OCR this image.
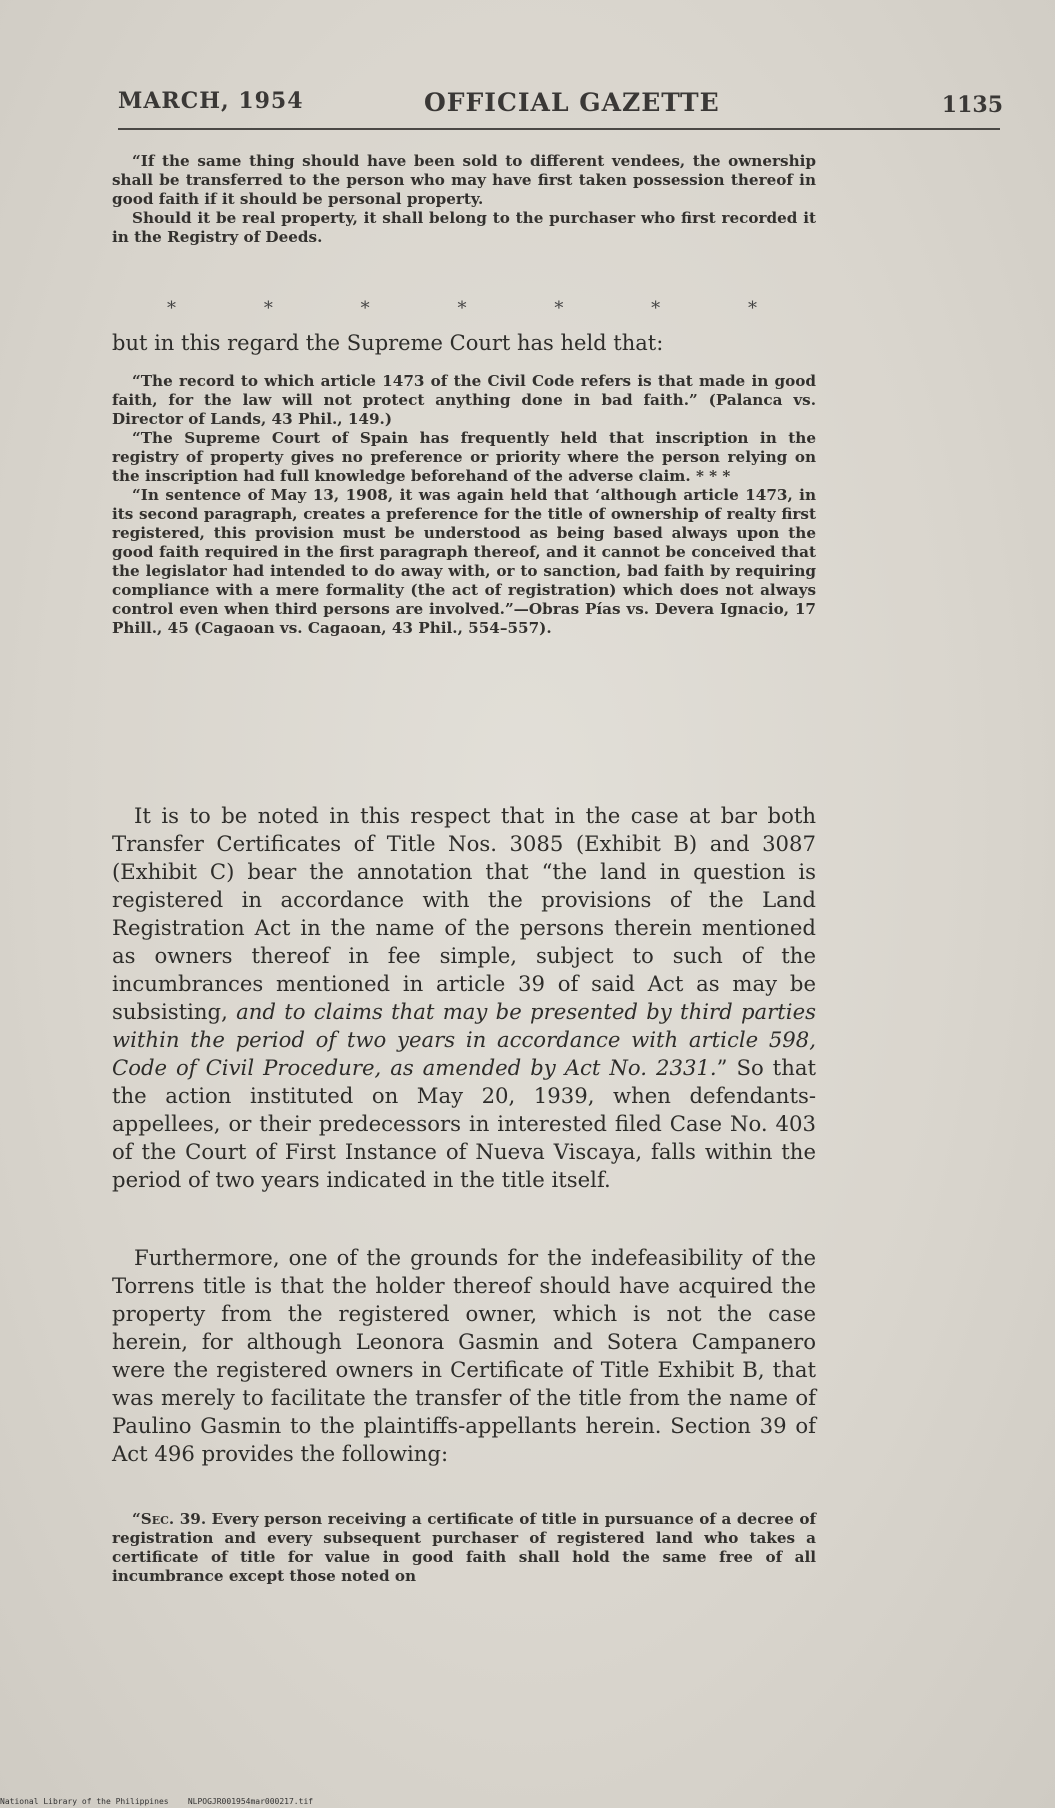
MARCH, 1954	OFFICIAL GAZETTE	1135

“If the same thing should have been sold to different vendees, the ownership shall be transferred to the person who may have first taken possession thereof in good faith if it should be personal property.

Should it be real property, it shall belong to the purchaser who first recorded it in the Registry of Deeds.

*	*	*	*	*	*	*
but in this regard the Supreme Court has held that:

“The record to which article 1473 of the Civil Code refers is that made in good faith, for the law will not protect anything done in bad faith.” (Palanca vs. Director of Lands, 43 Phil., 149.)

“The Supreme Court of Spain has frequently held that inscription in the registry of property gives no preference or priority where the person relying on the inscription had full knowledge beforehand of the adverse claim. * * *

“In sentence of May 13, 1908, it was again held that ‘although article 1473, in its second paragraph, creates a preference for the title of ownership of realty first registered, this provision must be understood as being based always upon the good faith required in the first paragraph thereof, and it cannot be conceived that the legislator had intended to do away with, or to sanction, bad faith by requiring compliance with a mere formality (the act of registration) which does not always control even when third persons are involved.”—Obras Pías vs. Devera Ignacio, 17 Phill., 45 (Cagaoan vs. Cagaoan, 43 Phil., 554–557).

It is to be noted in this respect that in the case at bar both Transfer Certificates of Title Nos. 3085 (Exhibit B) and 3087 (Exhibit C) bear the annotation that “the land in question is registered in accordance with the provisions of the Land Registration Act in the name of the persons therein mentioned as owners thereof in fee simple, subject to such of the incumbrances mentioned in article 39 of said Act as may be subsisting, and to claims that may be presented by third parties within the period of two years in accordance with article 598, Code of Civil Procedure, as amended by Act No. 2331.” So that the action instituted on May 20, 1939, when defendants-appellees, or their predecessors in interested filed Case No. 403 of the Court of First Instance of Nueva Viscaya, falls within the period of two years indicated in the title itself.

Furthermore, one of the grounds for the indefeasibility of the Torrens title is that the holder thereof should have acquired the property from the registered owner, which is not the case herein, for although Leonora Gasmin and Sotera Campanero were the registered owners in Certificate of Title Exhibit B, that was merely to facilitate the transfer of the title from the name of Paulino Gasmin to the plaintiffs-appellants herein. Section 39 of Act 496 provides the following:

“Sec. 39. Every person receiving a certificate of title in pursuance of a decree of registration and every subsequent purchaser of registered land who takes a certificate of title for value in good faith shall hold the same free of all incumbrance except those noted on

National Library of the Philippines NLPOGJR001954mar000217.tif
